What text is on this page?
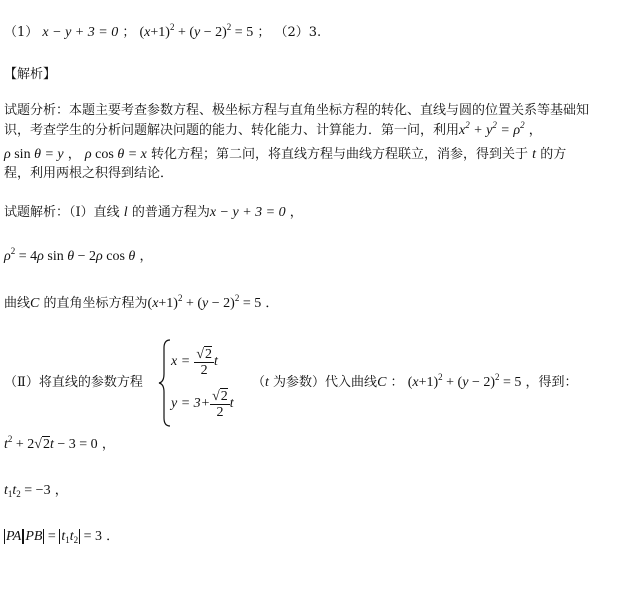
（1） x − y + 3 = 0 ； $(x+1)^2 + (y - 2)^2 = 5$ ； （2）3.
【解析】
试题分析：本题主要考查参数方程、极坐标方程与直角坐标方程的转化、直线与圆的位置关系等基础知
识，考查学生的分析问题解决问题的能力、转化能力、计算能力．第一问，利用$x^2 + y^2 = \rho^2$ ，
ρ sin θ = y ， ρ cos θ = x 转化方程；第二问，将直线方程与曲线方程联立，消参，得到关于 t 的方
程，利用两根之积得到结论．
试题解析：（Ⅰ）直线 l 的普通方程为x − y + 3 = 0 ，
$\rho^2 = 4\rho$ sin θ − 2ρ cos θ ，
曲线C 的直角坐标方程为$(x+1)^2 + (y - 2)^2 = 5$ ．
（Ⅱ）将直线的参数方程
x =
$\frac{√2}{2}$ t
$y = 3+ \frac{√2}{2}$ t
（t 为参数）代入曲线C ： $(x+1)^2 + (y - 2)^2 = 5$ ，得到：
$t^2 + 2√2t - 3 = 0$ ，
$t_1t_2 = -3$ ，
PA PB = $t_1t_2 = 3$ ．
